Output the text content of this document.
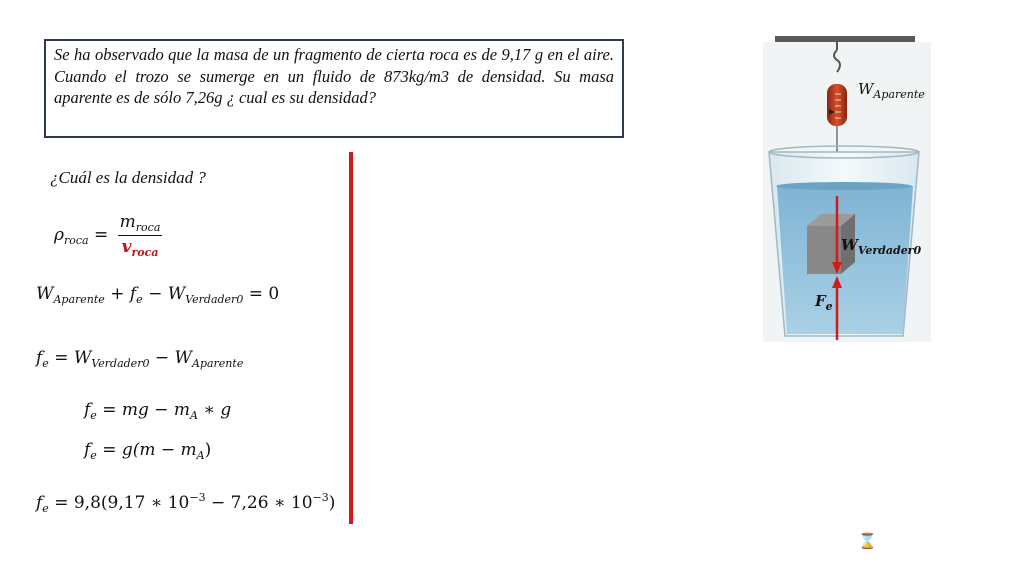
Se ha observado que la masa de un fragmento de cierta roca es de 9,17 g en el aire. Cuando el trozo se sumerge en un fluido de 873kg/m3 de densidad. Su masa aparente es de sólo 7,26g ¿ cual es su densidad?
¿Cuál es la densidad ?
$\rho_{roca} = \frac{m_{roca}}{v_{roca}}$
$W_{Aparente} + f_e - W_{Verdader0} = 0$
$f_e = W_{Verdader0} - W_{Aparente}$
$f_e$ = mg − $m_A$ ∗ g
$f_e = g(m - m_A)$
$f_e = 9,8(9,17$ ∗ $10^{-3} - 7,26$ ∗ $10^{-3}$)
$W_{Aparente}$
$W_{Verdader0}$
$F_e$
⌛
